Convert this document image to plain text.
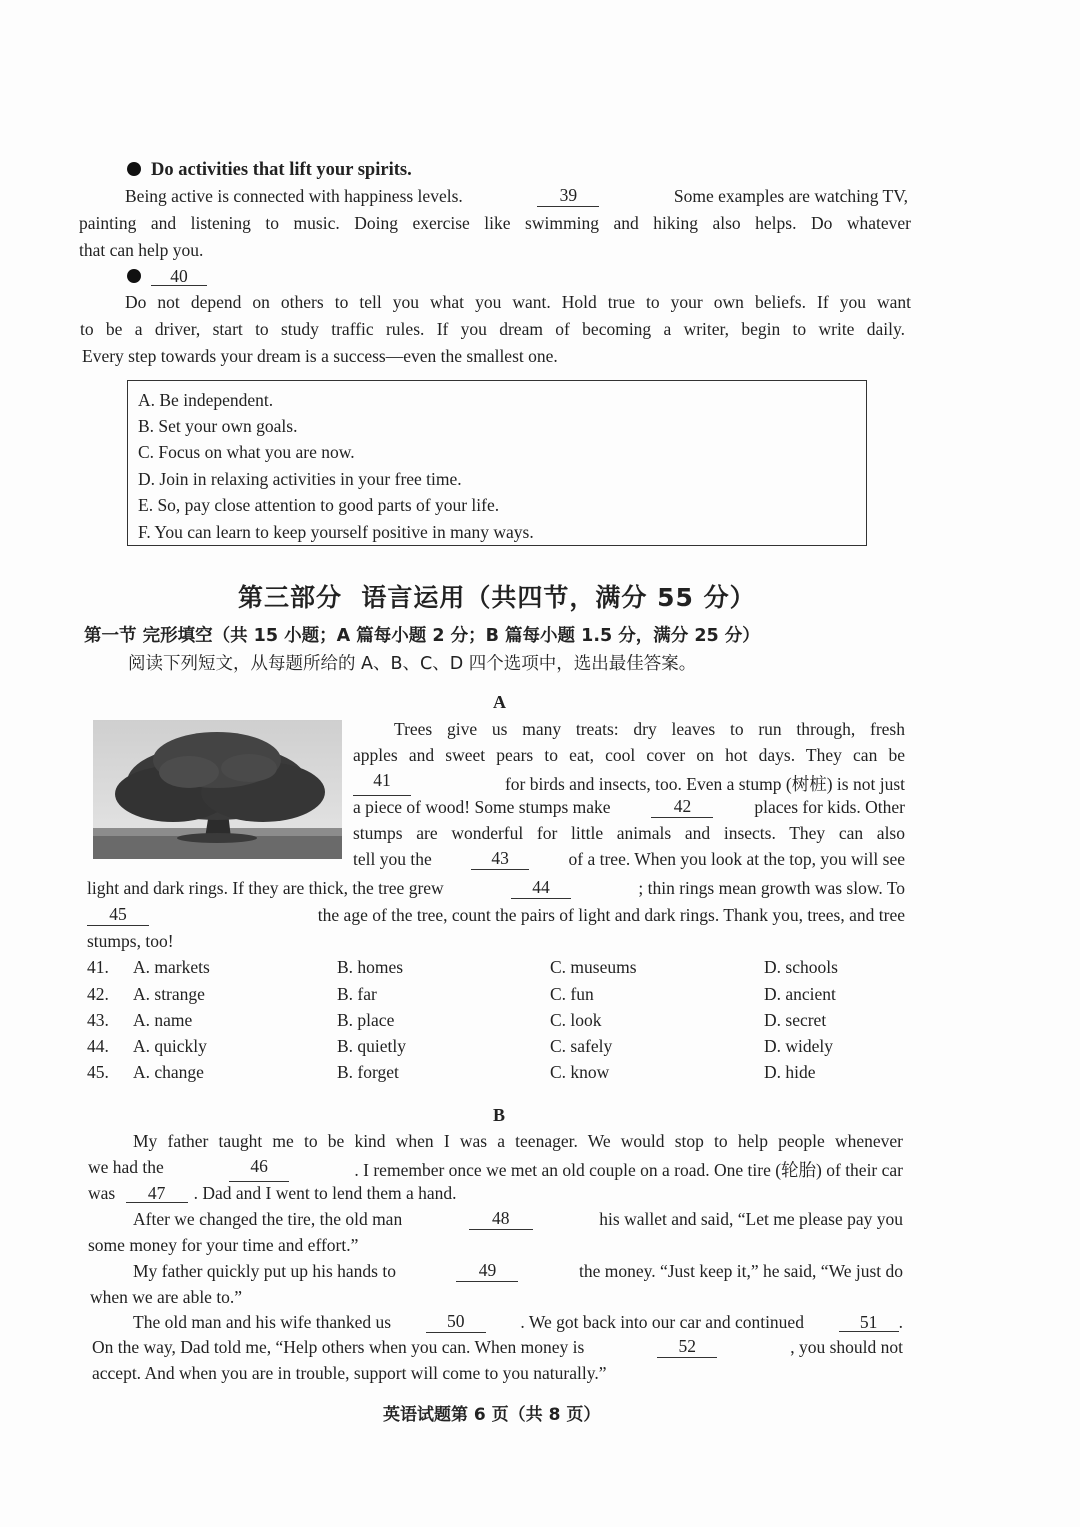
Do activities that lift your spirits.
Being active is connected with happiness levels.	39	Some examples are watching TV,
painting and listening to music. Doing exercise like swimming and hiking also helps. Do whatever
that can help you.
40
Do not depend on others to tell you what you want. Hold true to your own beliefs. If you want
to be a driver, start to study traffic rules. If you dream of becoming a writer, begin to write daily.
Every step towards your dream is a success—even the smallest one.
A. Be independent.
B. Set your own goals.
C. Focus on what you are now.
D. Join in relaxing activities in your free time.
E. So, pay close attention to good parts of your life.
F. You can learn to keep yourself positive in many ways.
第三部分  语言运用（共四节，满分 55 分）
第一节 完形填空（共 15 小题；A 篇每小题 2 分；B 篇每小题 1.5 分，满分 25 分）
阅读下列短文，从每题所给的 A、B、C、D 四个选项中，选出最佳答案。
A
Trees give us many treats: dry leaves to run through, fresh
apples and sweet pears to eat, cool cover on hot days. They can be
41	for birds and insects, too. Even a stump (树桩) is not just
a piece of wood! Some stumps make	42	places for kids. Other
stumps are wonderful for little animals and insects. They can also
tell you the	43	of a tree. When you look at the top, you will see
light and dark rings. If they are thick, the tree grew	44	; thin rings mean growth was slow. To
45	the age of the tree, count the pairs of light and dark rings. Thank you, trees, and tree
stumps, too!
41. A. markets	B. homes	C. museums	D. schools
42. A. strange	B. far	C. fun	D. ancient
43. A. name	B. place	C. look	D. secret
44. A. quickly	B. quietly	C. safely	D. widely
45. A. change	B. forget	C. know	D. hide
B
My father taught me to be kind when I was a teenager. We would stop to help people whenever
we had the	46	. I remember once we met an old couple on a road. One tire (轮胎) of their car
was 47 . Dad and I went to lend them a hand.
After we changed the tire, the old man	48	his wallet and said, “Let me please pay you
some money for your time and effort.”
My father quickly put up his hands to	49	the money. “Just keep it,” he said, “We just do
when we are able to.”
The old man and his wife thanked us	50	. We got back into our car and continued	51 .
On the way, Dad told me, “Help others when you can. When money is	52	, you should not
accept. And when you are in trouble, support will come to you naturally.”
英语试题第 6 页（共 8 页）
